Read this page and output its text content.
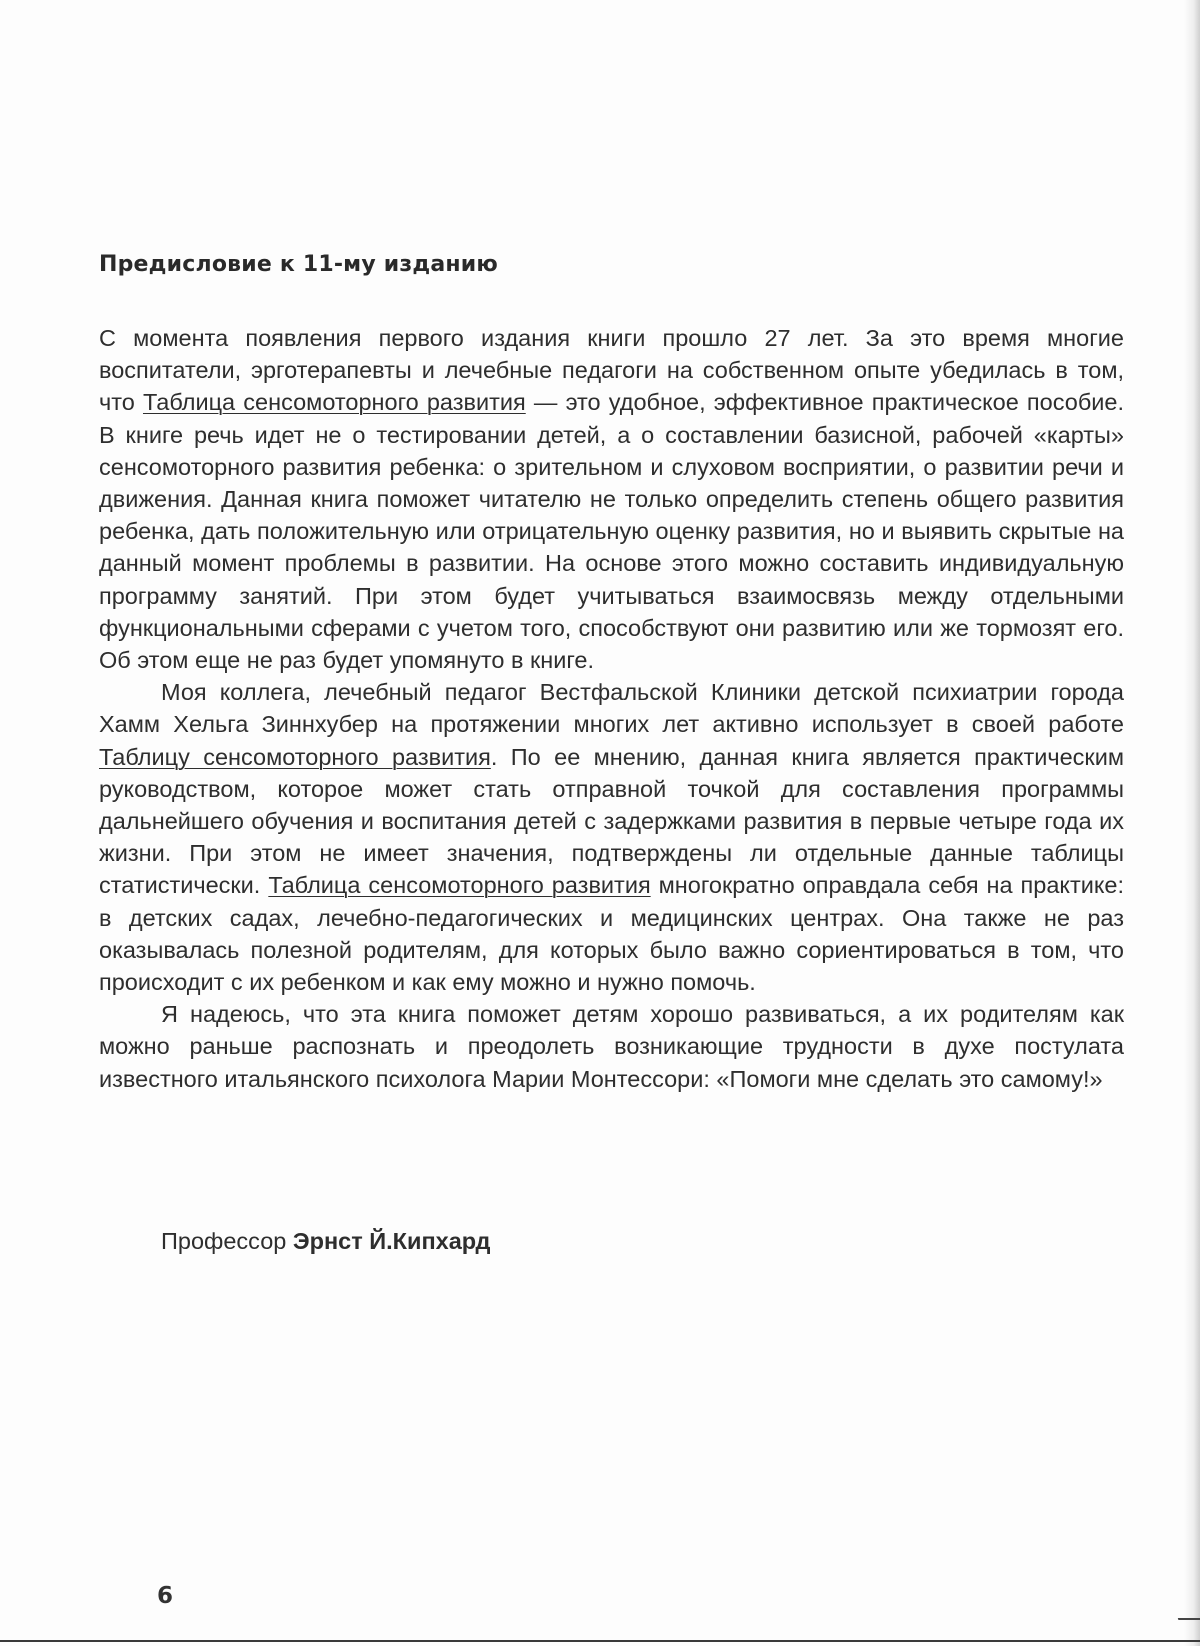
Предисловие к 11-му изданию

С момента появления первого издания книги прошло 27 лет. За это время многие воспитатели, эрготерапевты и лечебные педагоги на собственном опыте убедилась в том, что Таблица сенсомоторного развития — это удобное, эффективное практическое пособие. В книге речь идет не о тестировании детей, а о составлении базисной, рабочей «карты» сенсомоторного развития ребенка: о зрительном и слуховом восприятии, о развитии речи и движения. Данная книга поможет читателю не только определить степень общего развития ребенка, дать положительную или отрицательную оценку развития, но и выявить скрытые на данный момент проблемы в развитии. На основе этого можно составить индивидуальную программу занятий. При этом будет учитываться взаимосвязь между отдельными функциональными сферами с учетом того, способствуют они развитию или же тормозят его. Об этом еще не раз будет упомянуто в книге.

Моя коллега, лечебный педагог Вестфальской Клиники детской психиатрии города Хамм Хельга Зиннхубер на протяжении многих лет активно использует в своей работе Таблицу сенсомоторного развития. По ее мнению, данная книга является практическим руководством, которое может стать отправной точкой для составления программы дальнейшего обучения и воспитания детей с задержками развития в первые четыре года их жизни. При этом не имеет значения, подтверждены ли отдельные данные таблицы статистически. Таблица сенсомоторного развития многократно оправдала себя на практике: в детских садах, лечебно-педагогических и медицинских центрах. Она также не раз оказывалась полезной родителям, для которых было важно сориентироваться в том, что происходит с их ребенком и как ему можно и нужно помочь.

Я надеюсь, что эта книга поможет детям хорошо развиваться, а их родителям как можно раньше распознать и преодолеть возникающие трудности в духе постулата известного итальянского психолога Марии Монтессори: «Помоги мне сделать это самому!»

Профессор Эрнст Й.Кипхард
6
